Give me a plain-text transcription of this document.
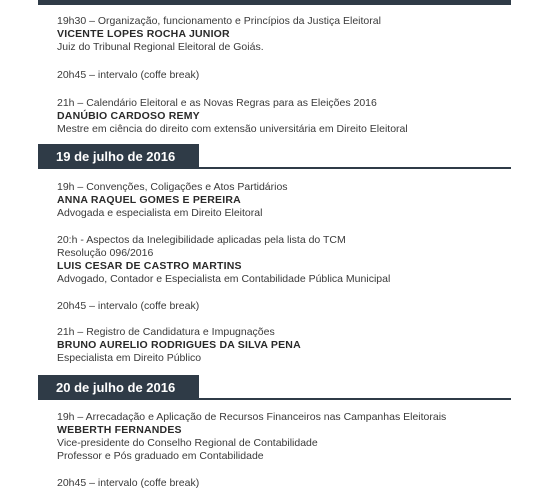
19h30 – Organização, funcionamento e Princípios da Justiça Eleitoral
VICENTE LOPES ROCHA JUNIOR
Juiz do Tribunal Regional Eleitoral de Goiás.
20h45 – intervalo (coffe break)
21h – Calendário Eleitoral e as Novas Regras para as Eleições 2016
DANÚBIO CARDOSO REMY
Mestre em ciência do direito com extensão universitária em Direito Eleitoral
19 de julho de 2016
19h – Convenções, Coligações e Atos Partidários
ANNA RAQUEL GOMES E PEREIRA
Advogada e especialista em Direito Eleitoral
20:h - Aspectos da Inelegibilidade aplicadas pela lista do TCM
Resolução 096/2016
LUIS CESAR DE CASTRO MARTINS
Advogado, Contador e Especialista em Contabilidade Pública Municipal
20h45 – intervalo (coffe break)
21h – Registro de Candidatura e Impugnações
BRUNO AURELIO RODRIGUES DA SILVA PENA
Especialista em Direito Público
20 de julho de 2016
19h – Arrecadação e Aplicação de Recursos Financeiros nas Campanhas Eleitorais
WEBERTH FERNANDES
Vice-presidente do Conselho Regional de Contabilidade
Professor e Pós graduado em Contabilidade
20h45 – intervalo (coffe break)
